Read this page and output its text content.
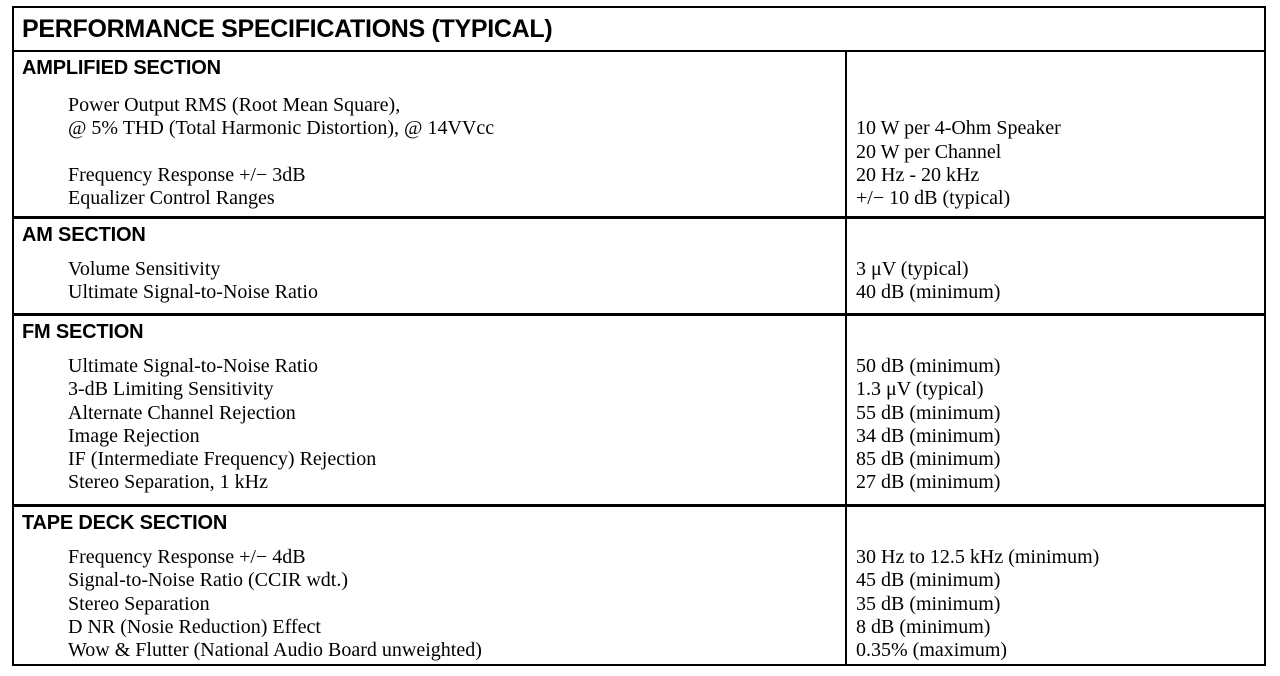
PERFORMANCE SPECIFICATIONS (TYPICAL)
AMPLIFIED SECTION
Power Output RMS (Root Mean Square),
@ 5% THD (Total Harmonic Distortion), @ 14VVcc	10 W per 4-Ohm Speaker
20 W per Channel
Frequency Response +/− 3dB	20 Hz - 20 kHz
Equalizer Control Ranges	+/− 10 dB (typical)
AM SECTION
Volume Sensitivity	3 μV (typical)
Ultimate Signal-to-Noise Ratio	40 dB (minimum)
FM SECTION
Ultimate Signal-to-Noise Ratio	50 dB (minimum)
3-dB Limiting Sensitivity	1.3 μV (typical)
Alternate Channel Rejection	55 dB (minimum)
Image Rejection	34 dB (minimum)
IF (Intermediate Frequency) Rejection	85 dB (minimum)
Stereo Separation, 1 kHz	27 dB (minimum)
TAPE DECK SECTION
Frequency Response +/− 4dB	30 Hz to 12.5 kHz (minimum)
Signal-to-Noise Ratio (CCIR wdt.)	45 dB (minimum)
Stereo Separation	35 dB (minimum)
D NR (Nosie Reduction) Effect	8 dB (minimum)
Wow & Flutter (National Audio Board unweighted)	0.35% (maximum)
